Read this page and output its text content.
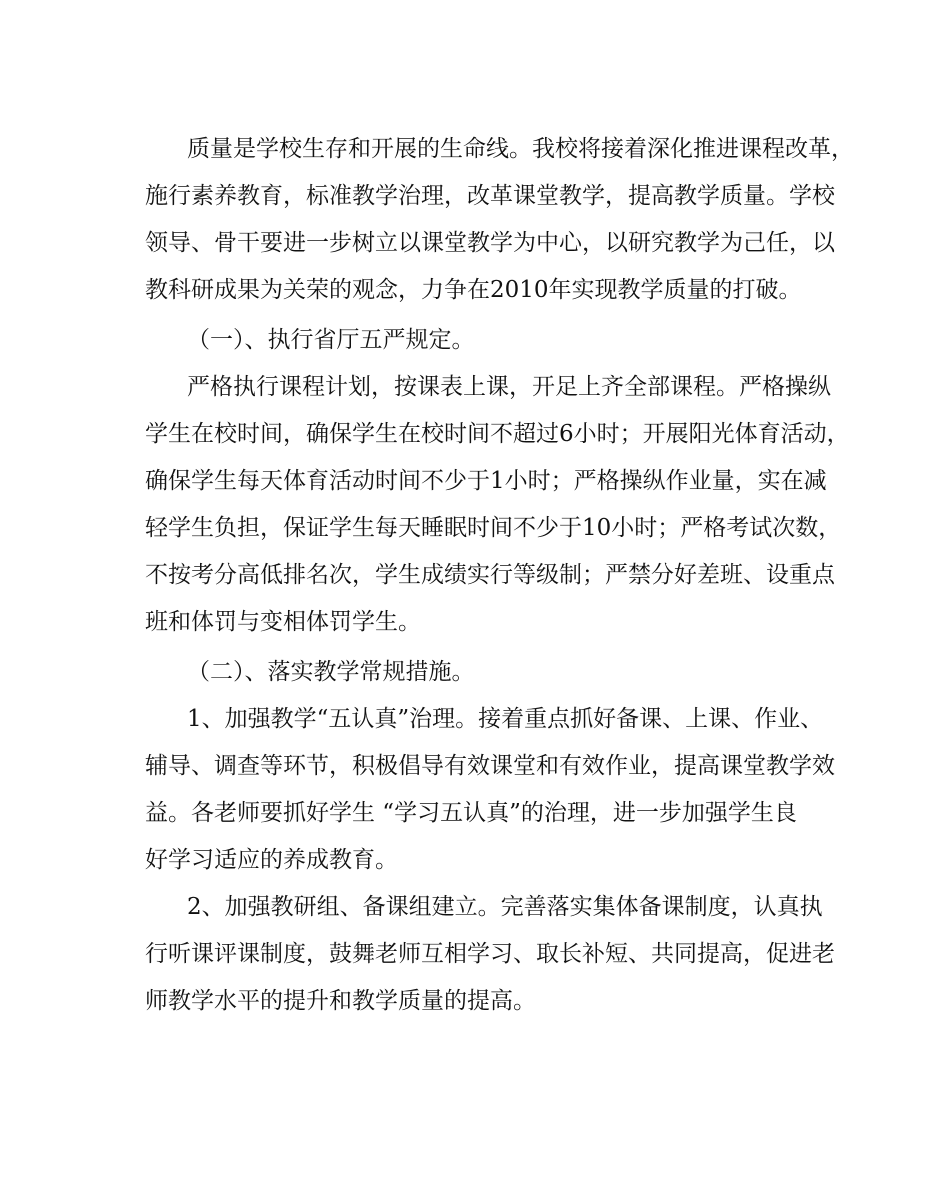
质量是学校生存和开展的生命线。我校将接着深化推进课程改革，
施行素养教育，标准教学治理，改革课堂教学，提高教学质量。学校
领导、骨干要进一步树立以课堂教学为中心，以研究教学为己任，以
教科研成果为关荣的观念，力争在2010年实现教学质量的打破。
（一）、执行省厅五严规定。
严格执行课程计划，按课表上课，开足上齐全部课程。严格操纵
学生在校时间，确保学生在校时间不超过6小时；开展阳光体育活动，
确保学生每天体育活动时间不少于1小时；严格操纵作业量，实在减
轻学生负担，保证学生每天睡眠时间不少于10小时；严格考试次数，
不按考分高低排名次，学生成绩实行等级制；严禁分好差班、设重点
班和体罚与变相体罚学生。
（二）、落实教学常规措施。
1、加强教学“五认真”治理。接着重点抓好备课、上课、作业、
辅导、调查等环节，积极倡导有效课堂和有效作业，提高课堂教学效
益。各老师要抓好学生 “学习五认真”的治理，进一步加强学生良
好学习适应的养成教育。
2、加强教研组、备课组建立。完善落实集体备课制度，认真执
行听课评课制度，鼓舞老师互相学习、取长补短、共同提高，促进老
师教学水平的提升和教学质量的提高。
